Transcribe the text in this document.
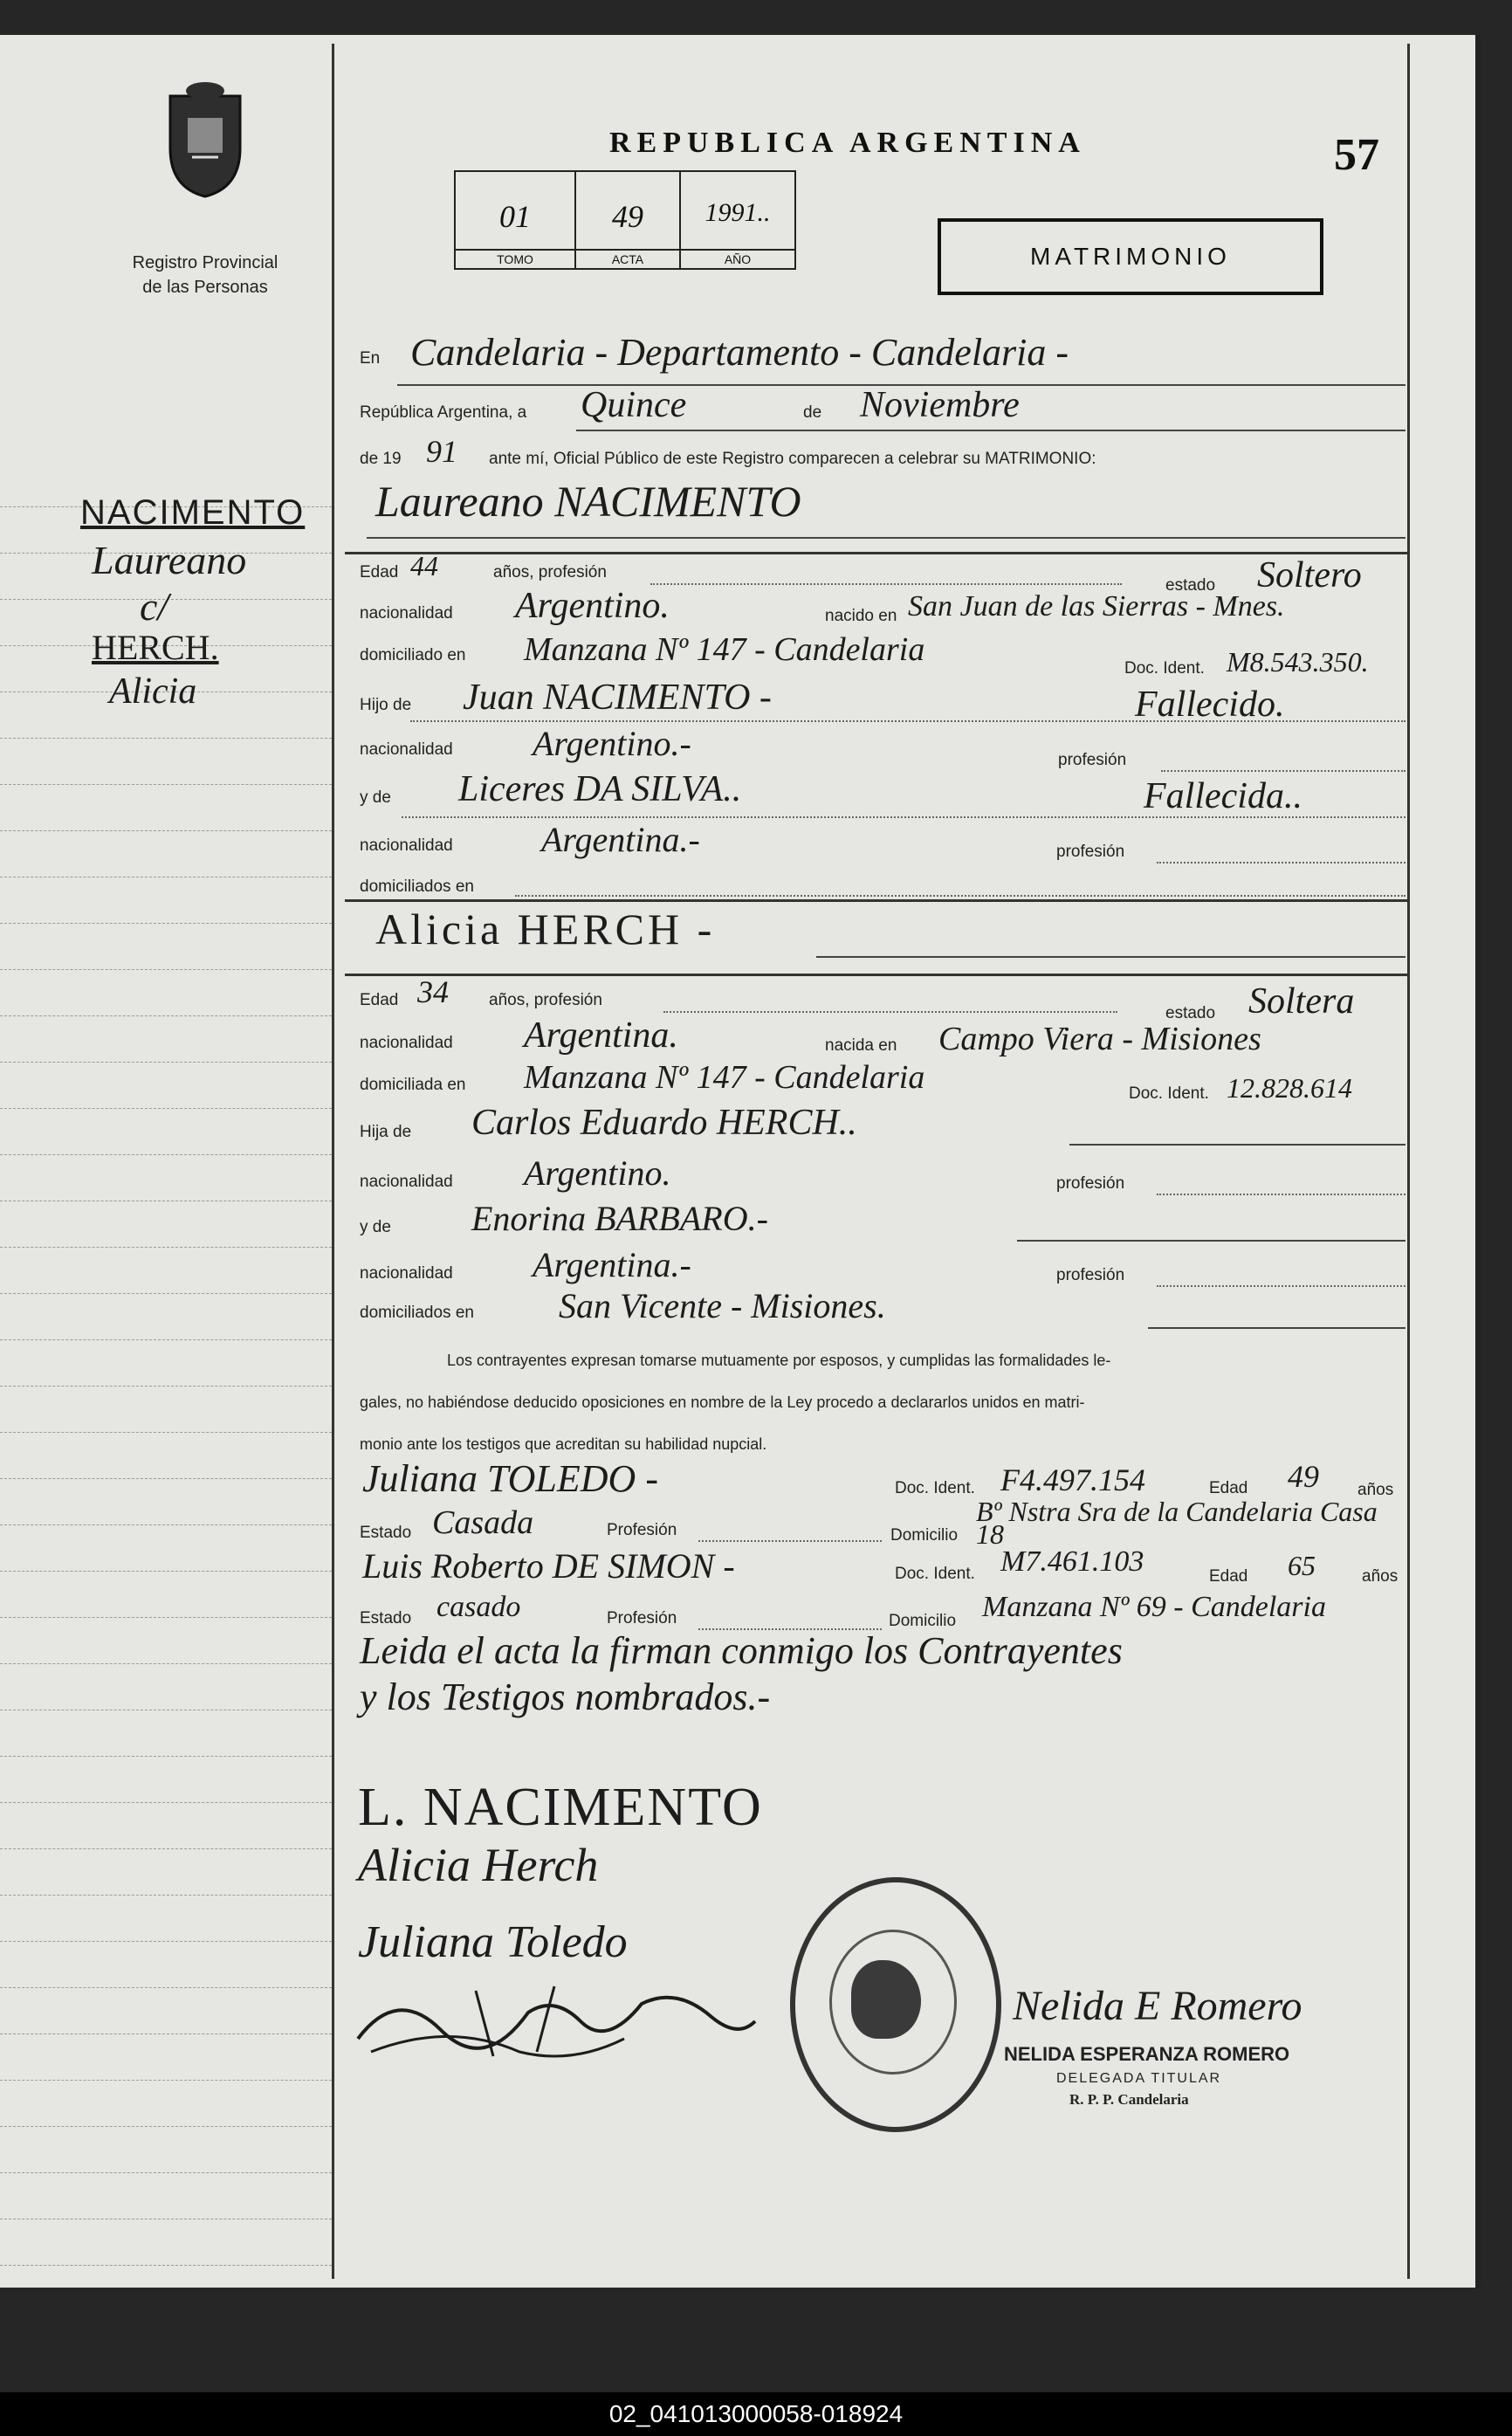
Registro Provincial
de las Personas
REPUBLICA ARGENTINA	57
01
TOMO
49
ACTA
1991..
AÑO	MATRIMONIO
NACIMENTO
Laureano
c/
HERCH.
Alicia
En Candelaria - Departamento - Candelaria -
República Argentina, a Quince	de Noviembre
de 19 91 ante mí, Oficial Público de este Registro comparecen a celebrar su MATRIMONIO:
Laureano NACIMENTO
Edad 44	años, profesión
estado Soltero
nacionalidad Argentino.	nacido en San Juan de las Sierras - Mnes.
domiciliado en Manzana Nº 147 - Candelaria
Doc. Ident. M8.543.350.
Hijo de Juan NACIMENTO -	Fallecido.
nacionalidad Argentino.-	profesión
y de Liceres DA SILVA..	Fallecida..
nacionalidad	Argentina.-	profesión
domiciliados en
Alicia HERCH -
Edad 34 años, profesión
estado Soltera
nacionalidad Argentina.	nacida en Campo Viera - Misiones
domiciliada en Manzana Nº 147 - Candelaria	Doc. Ident. 12.828.614
Hija de Carlos Eduardo HERCH..
nacionalidad Argentino.	profesión
y de Enorina BARBARO.-
nacionalidad Argentina.-	profesión
domiciliados en San Vicente - Misiones.
Los contrayentes expresan tomarse mutuamente por esposos, y cumplidas las formalidades le-
gales, no habiéndose deducido oposiciones en nombre de la Ley procedo a declararlos unidos en matri-
monio ante los testigos que acreditan su habilidad nupcial.
Juliana TOLEDO -	Doc. Ident. F4.497.154	Edad 49 años
Estado Casada	Profesión	Domicilio
Bº Nstra Sra de la Candelaria Casa 18
Luis Roberto DE SIMON -	Doc. Ident. M7.461.103	Edad 65	años
Estado casado	Profesión	Domicilio Manzana Nº 69 - Candelaria
Leida el acta la firman conmigo los Contrayentes
y los Testigos nombrados.-
L. NACIMENTO
Alicia Herch
Juliana Toledo
Nelida E Romero
NELIDA ESPERANZA ROMERO
DELEGADA TITULAR
R. P. P. Candelaria
02_041013000058-018924
